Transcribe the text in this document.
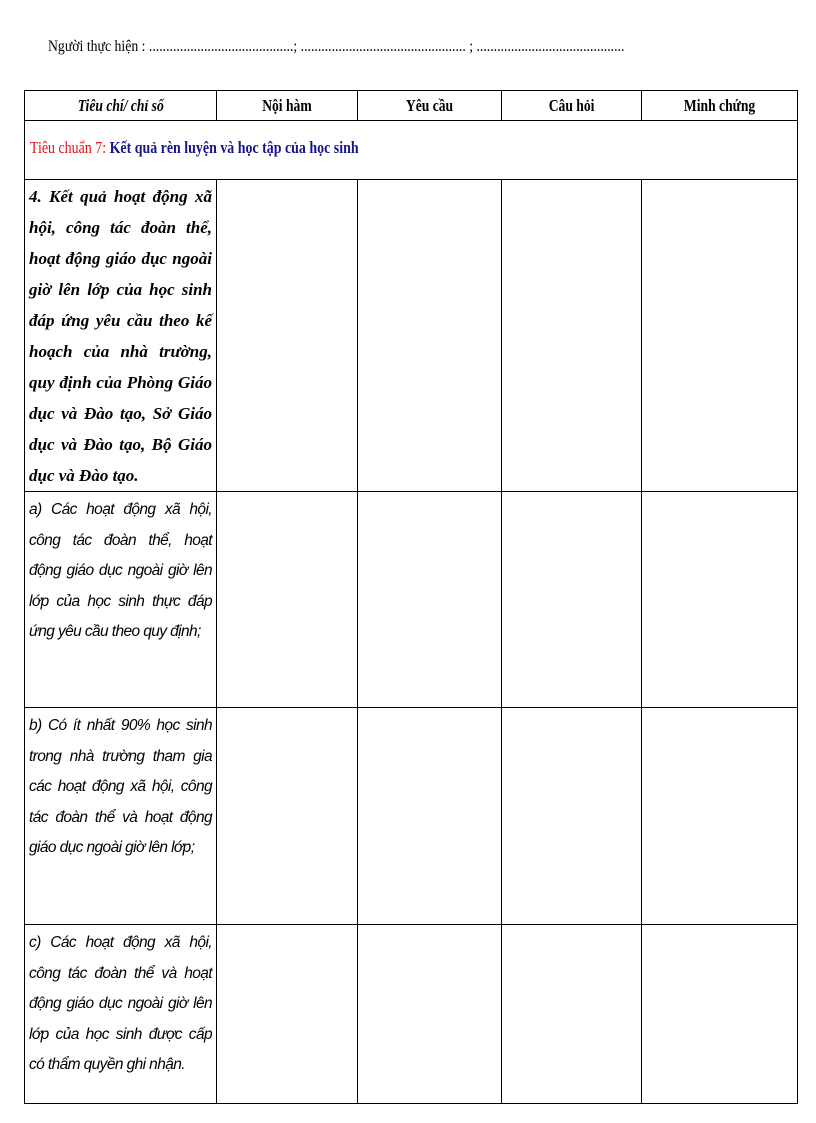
Người thực hiện : ..........................................; ................................................ ; ...........................................
Tiêu chí/ chỉ số	Nội hàm	Yêu cầu	Câu hỏi	Minh chứng

Tiêu chuẩn 7: Kết quả rèn luyện và học tập của học sinh				

4. Kết quả hoạt động xã hội, công tác đoàn thể, hoạt động giáo dục ngoài giờ lên lớp của học sinh đáp ứng yêu cầu theo kế hoạch của nhà trường, quy định của Phòng Giáo dục và Đào tạo, Sở Giáo dục và Đào tạo, Bộ Giáo dục và Đào tạo.				

a) Các hoạt động xã hội, công tác đoàn thể, hoạt động giáo dục ngoài giờ lên lớp của học sinh thực đáp ứng yêu cầu theo quy định;				

b) Có ít nhất 90% học sinh trong nhà trường tham gia các hoạt động xã hội, công tác đoàn thể và hoạt động giáo dục ngoài giờ lên lớp;				

c) Các hoạt động xã hội, công tác đoàn thể và hoạt động giáo dục ngoài giờ lên lớp của học sinh được cấp có thẩm quyền ghi nhận.				
